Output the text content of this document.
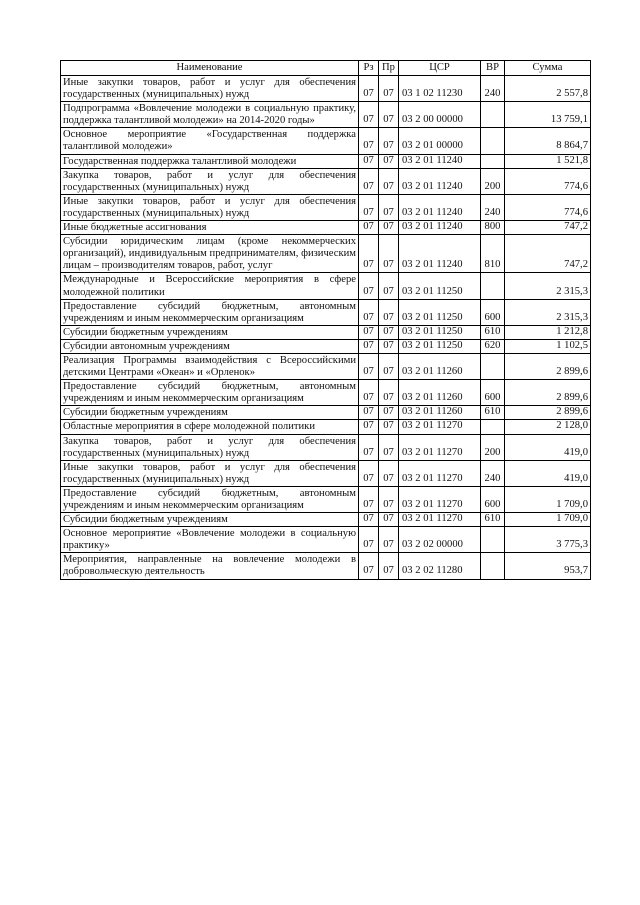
Наименование	Рз	Пр	ЦСР	ВР	Сумма
Иные закупки товаров, работ и услуг для обеспечения государственных (муниципальных) нужд	07	07	03 1 02 11230	240	2 557,8
Подпрограмма «Вовлечение молодежи в социальную практику, поддержка талантливой молодежи» на 2014-2020 годы»	07	07	03 2 00 00000		13 759,1
Основное мероприятие «Государственная поддержка талантливой молодежи»	07	07	03 2 01 00000		8 864,7
Государственная поддержка талантливой молодежи	07	07	03 2 01 11240		1 521,8
Закупка товаров, работ и услуг для обеспечения государственных (муниципальных) нужд	07	07	03 2 01 11240	200	774,6
Иные закупки товаров, работ и услуг для обеспечения государственных (муниципальных) нужд	07	07	03 2 01 11240	240	774,6
Иные бюджетные ассигнования	07	07	03 2 01 11240	800	747,2
Субсидии юридическим лицам (кроме некоммерческих организаций), индивидуальным предпринимателям, физическим лицам – производителям товаров, работ, услуг	07	07	03 2 01 11240	810	747,2
Международные и Всероссийские мероприятия в сфере молодежной политики	07	07	03 2 01 11250		2 315,3
Предоставление субсидий бюджетным, автономным учреждениям и иным некоммерческим организациям	07	07	03 2 01 11250	600	2 315,3
Субсидии бюджетным учреждениям	07	07	03 2 01 11250	610	1 212,8
Субсидии автономным учреждениям	07	07	03 2 01 11250	620	1 102,5
Реализация Программы взаимодействия с Всероссийскими детскими Центрами «Океан» и «Орленок»	07	07	03 2 01 11260		2 899,6
Предоставление субсидий бюджетным, автономным учреждениям и иным некоммерческим организациям	07	07	03 2 01 11260	600	2 899,6
Субсидии бюджетным учреждениям	07	07	03 2 01 11260	610	2 899,6
Областные мероприятия в сфере молодежной политики	07	07	03 2 01 11270		2 128,0
Закупка товаров, работ и услуг для обеспечения государственных (муниципальных) нужд	07	07	03 2 01 11270	200	419,0
Иные закупки товаров, работ и услуг для обеспечения государственных (муниципальных) нужд	07	07	03 2 01 11270	240	419,0
Предоставление субсидий бюджетным, автономным учреждениям и иным некоммерческим организациям	07	07	03 2 01 11270	600	1 709,0
Субсидии бюджетным учреждениям	07	07	03 2 01 11270	610	1 709,0
Основное мероприятие «Вовлечение молодежи в социальную практику»	07	07	03 2 02 00000		3 775,3
Мероприятия, направленные на вовлечение молодежи в добровольческую деятельность	07	07	03 2 02 11280		953,7
